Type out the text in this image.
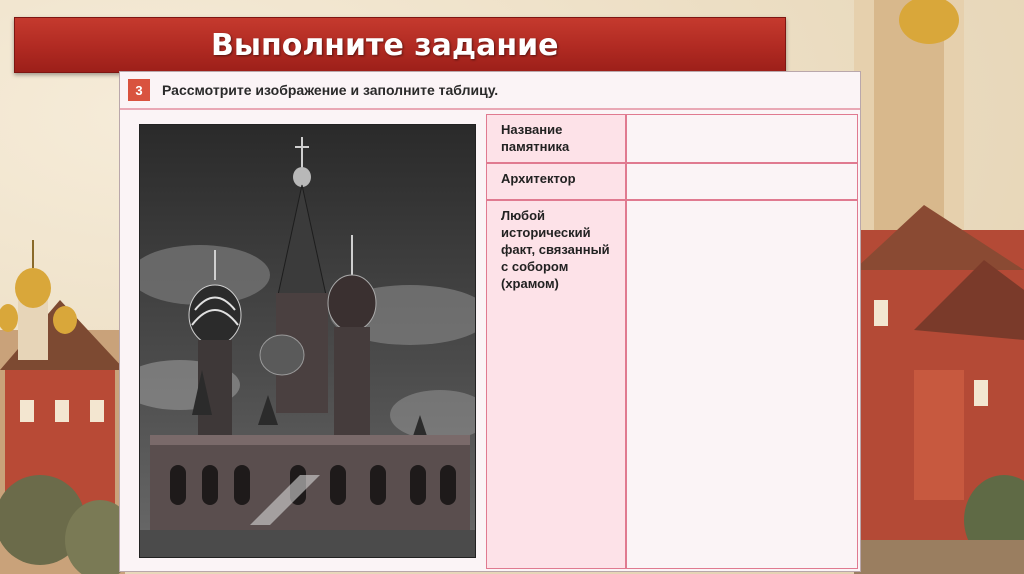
Выполните задание
3	Рассмотрите изображение и заполните таблицу.
Название памятника
Архитектор
Любой исторический факт, связанный с собором (храмом)
